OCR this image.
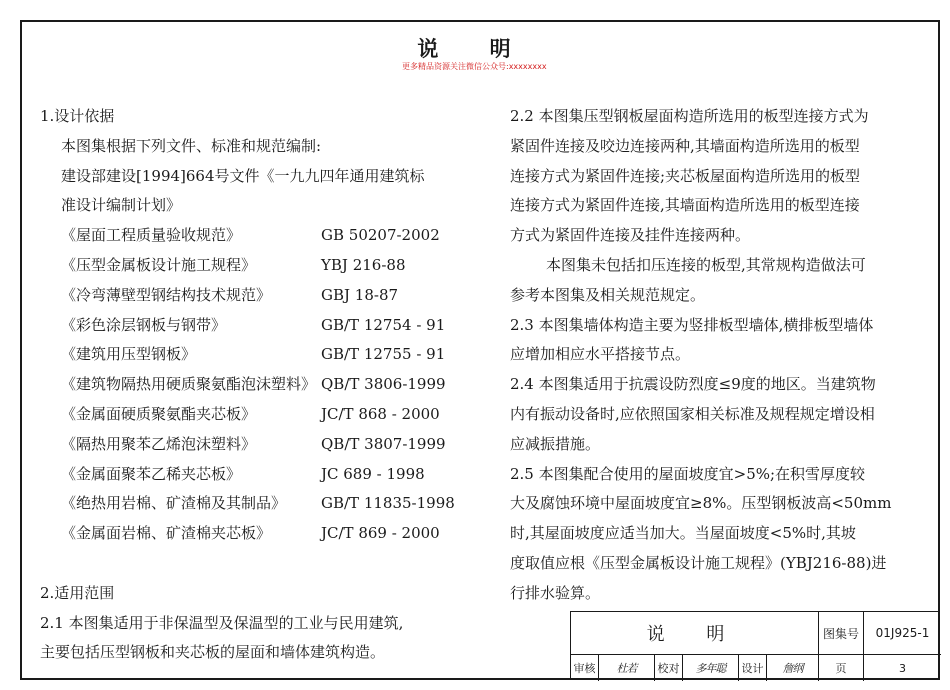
说 明
更多精品资源关注微信公众号:xxxxxxxx
1.设计依据
本图集根据下列文件、标准和规范编制:
建设部建设[1994]664号文件《一九九四年通用建筑标
准设计编制计划》
《屋面工程质量验收规范》	GB 50207-2002
《压型金属板设计施工规程》	YBJ 216-88
《冷弯薄壁型钢结构技术规范》	GBJ 18-87
《彩色涂层钢板与钢带》	GB/T 12754 - 91
《建筑用压型钢板》	GB/T 12755 - 91
《建筑物隔热用硬质聚氨酯泡沫塑料》 QB/T 3806-1999
《金属面硬质聚氨酯夹芯板》	JC/T 868 - 2000
《隔热用聚苯乙烯泡沫塑料》	QB/T 3807-1999
《金属面聚苯乙稀夹芯板》	JC 689 - 1998
《绝热用岩棉、矿渣棉及其制品》	GB/T 11835-1998
《金属面岩棉、矿渣棉夹芯板》	JC/T 869 - 2000
2.适用范围
2.1 本图集适用于非保温型及保温型的工业与民用建筑,
主要包括压型钢板和夹芯板的屋面和墙体建筑构造。
2.2 本图集压型钢板屋面构造所选用的板型连接方式为
紧固件连接及咬边连接两种,其墙面构造所选用的板型
连接方式为紧固件连接;夹芯板屋面构造所选用的板型
连接方式为紧固件连接,其墙面构造所选用的板型连接
方式为紧固件连接及挂件连接两种。
本图集未包括扣压连接的板型,其常规构造做法可
参考本图集及相关规范规定。
2.3 本图集墙体构造主要为竖排板型墙体,横排板型墙体
应增加相应水平搭接节点。
2.4 本图集适用于抗震设防烈度≤9度的地区。当建筑物
内有振动设备时,应依照国家相关标准及规程规定增设相
应减振措施。
2.5 本图集配合使用的屋面坡度宜>5%;在积雪厚度较
大及腐蚀环境中屋面坡度宜≥8%。压型钢板波高<50mm
时,其屋面坡度应适当加大。当屋面坡度<5%时,其坡
度取值应根《压型金属板设计施工规程》(YBJ216-88)进
行排水验算。
说 明	图集号	01J925-1
审核	杜若	校对	多年聪	设计	詹纲	页	3
